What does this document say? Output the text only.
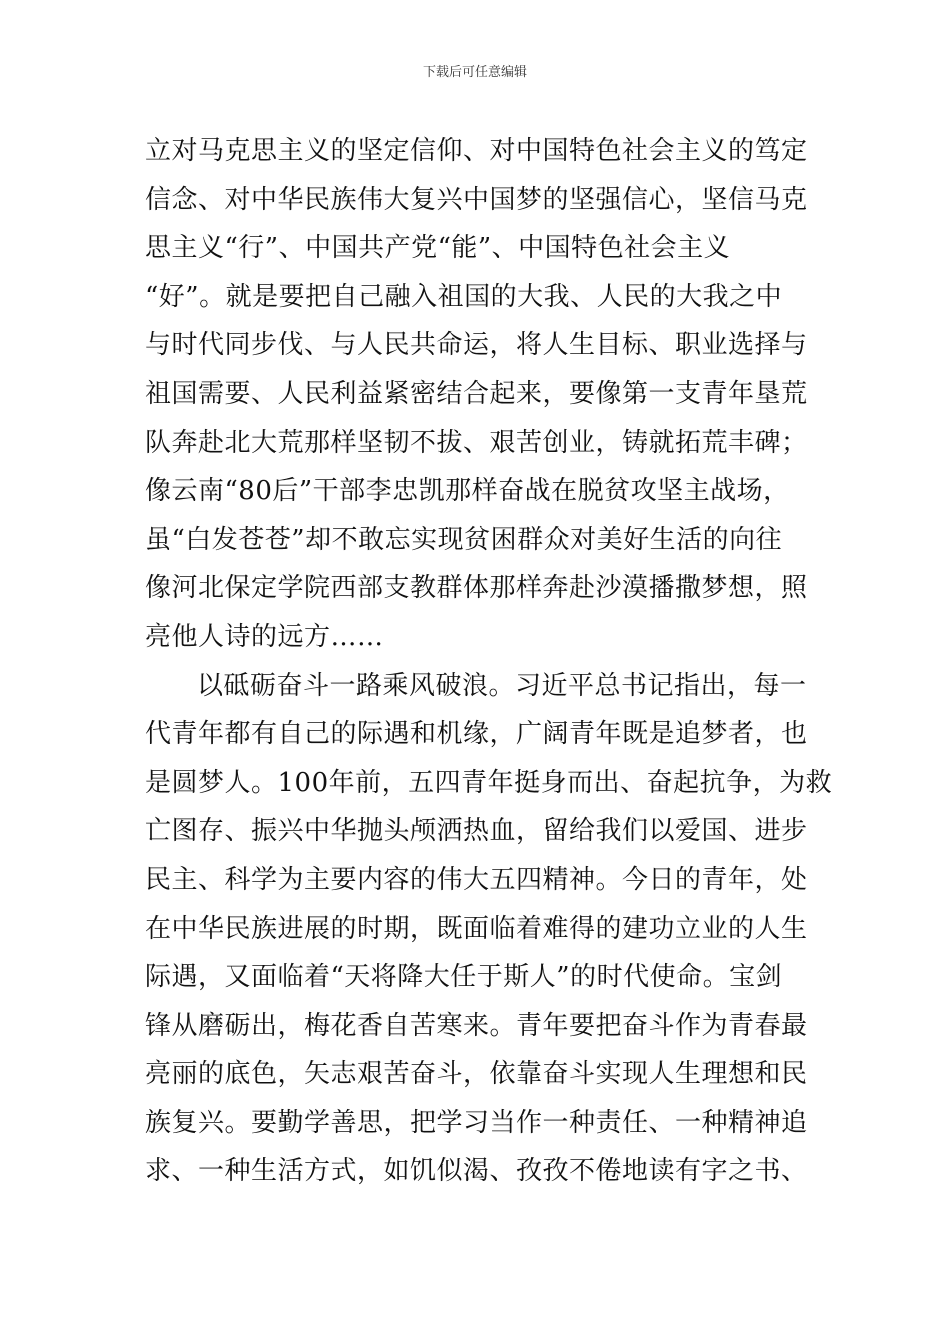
下载后可任意编辑
立对马克思主义的坚定信仰、对中国特色社会主义的笃定
信念、对中华民族伟大复兴中国梦的坚强信心，坚信马克
思主义“行”、中国共产党“能”、中国特色社会主义
“好”。就是要把自己融入祖国的大我、人民的大我之中
与时代同步伐、与人民共命运，将人生目标、职业选择与
祖国需要、人民利益紧密结合起来，要像第一支青年垦荒
队奔赴北大荒那样坚韧不拔、艰苦创业，铸就拓荒丰碑；
像云南“80后”干部李忠凯那样奋战在脱贫攻坚主战场，
虽“白发苍苍”却不敢忘实现贫困群众对美好生活的向往
像河北保定学院西部支教群体那样奔赴沙漠播撒梦想，照
亮他人诗的远方……
以砥砺奋斗一路乘风破浪。习近平总书记指出，每一
代青年都有自己的际遇和机缘，广阔青年既是追梦者，也
是圆梦人。100年前，五四青年挺身而出、奋起抗争，为救
亡图存、振兴中华抛头颅洒热血，留给我们以爱国、进步
民主、科学为主要内容的伟大五四精神。今日的青年，处
在中华民族进展的时期，既面临着难得的建功立业的人生
际遇，又面临着“天将降大任于斯人”的时代使命。宝剑
锋从磨砺出，梅花香自苦寒来。青年要把奋斗作为青春最
亮丽的底色，矢志艰苦奋斗，依靠奋斗实现人生理想和民
族复兴。要勤学善思，把学习当作一种责任、一种精神追
求、一种生活方式，如饥似渴、孜孜不倦地读有字之书、
